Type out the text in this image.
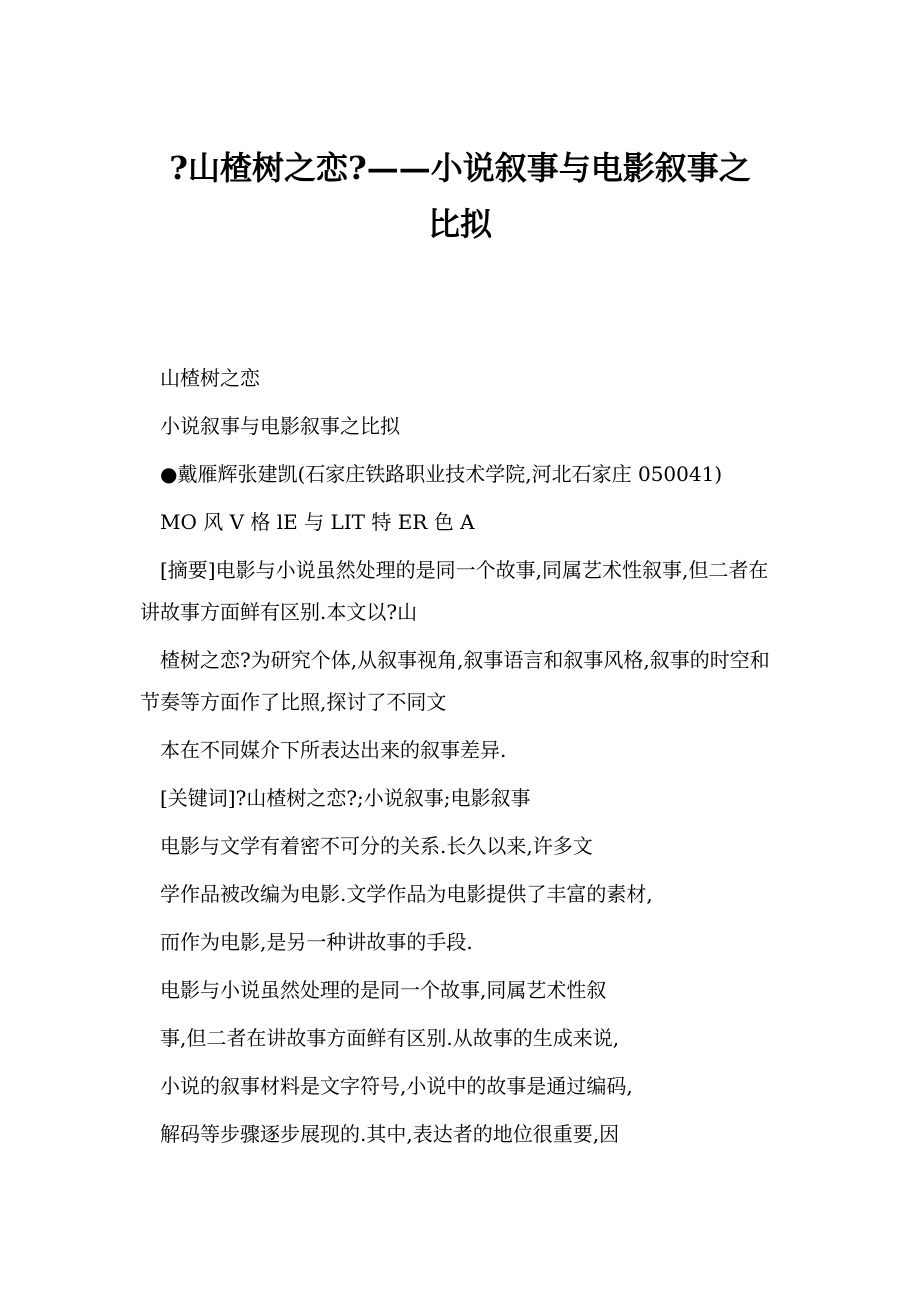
?山楂树之恋?——小说叙事与电影叙事之
比拟

山楂树之恋

小说叙事与电影叙事之比拟

●戴雁辉张建凯(石家庄铁路职业技术学院,河北石家庄 050041)

MO 风 V 格 lE 与 LIT 特 ER 色 A

[摘要]电影与小说虽然处理的是同一个故事,同属艺术性叙事,但二者在讲故事方面鲜有区别.本文以?山

楂树之恋?为研究个体,从叙事视角,叙事语言和叙事风格,叙事的时空和节奏等方面作了比照,探讨了不同文

本在不同媒介下所表达出来的叙事差异.

[关键词]?山楂树之恋?;小说叙事;电影叙事

电影与文学有着密不可分的关系.长久以来,许多文

学作品被改编为电影.文学作品为电影提供了丰富的素材,

而作为电影,是另一种讲故事的手段.

电影与小说虽然处理的是同一个故事,同属艺术性叙

事,但二者在讲故事方面鲜有区别.从故事的生成来说,

小说的叙事材料是文字符号,小说中的故事是通过编码,

解码等步骤逐步展现的.其中,表达者的地位很重要,因
